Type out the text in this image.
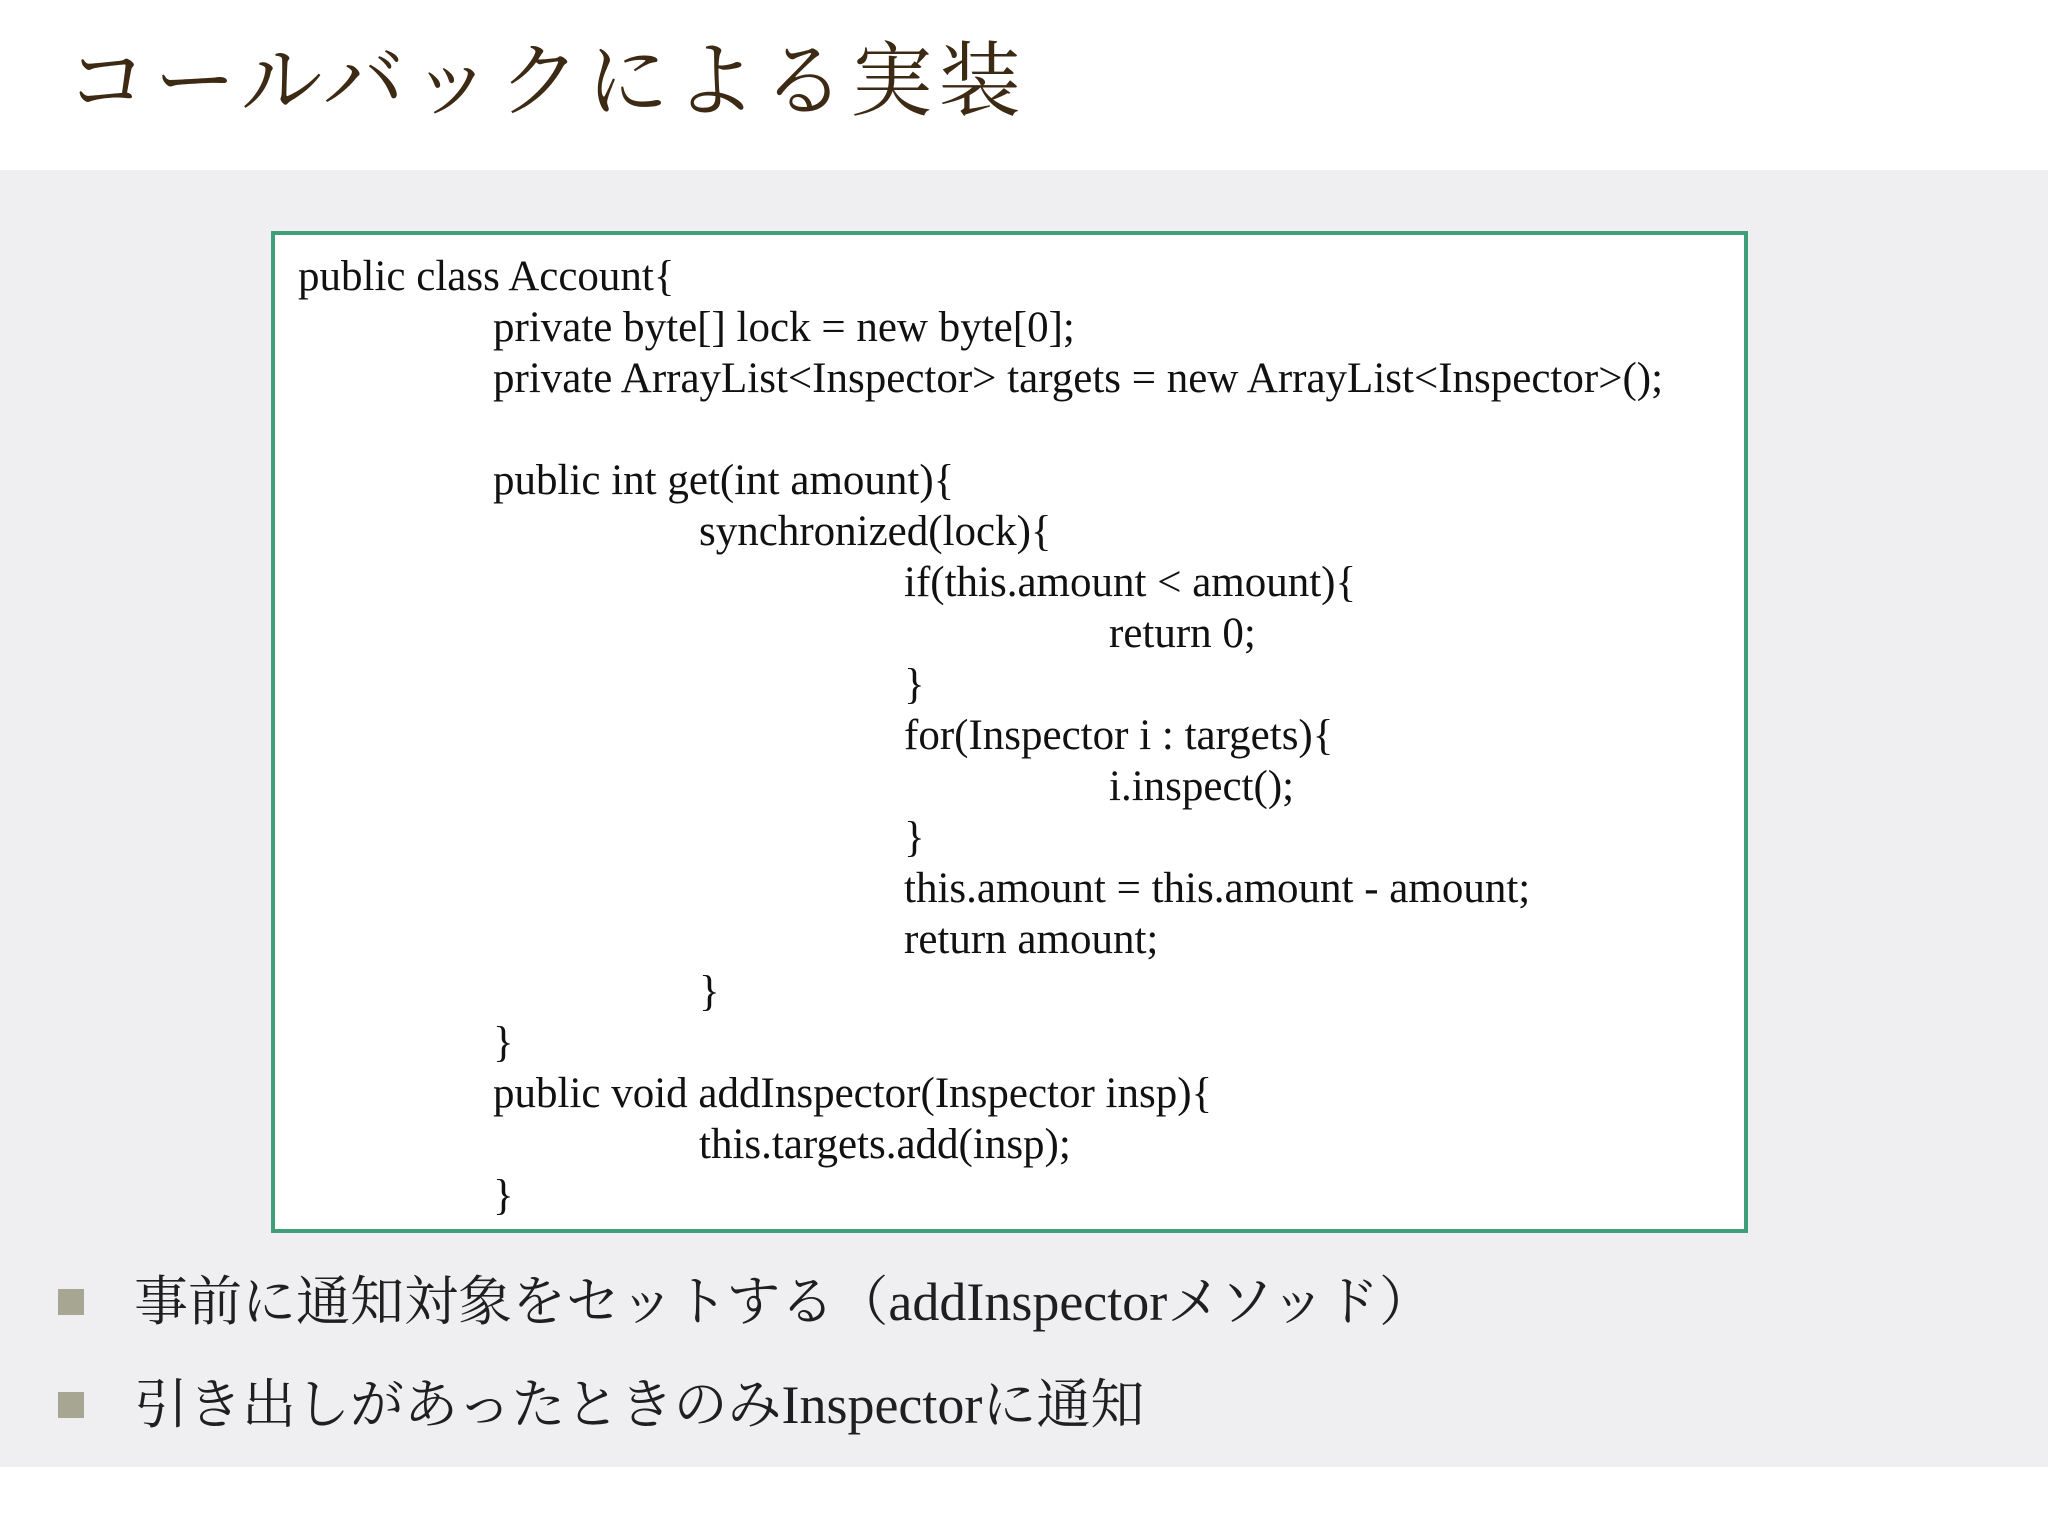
コールバックによる実装
public class Account{
private byte[] lock = new byte[0];
private ArrayList<Inspector> targets = new ArrayList<Inspector>();
public int get(int amount){
synchronized(lock){
if(this.amount < amount){
return 0;
}
for(Inspector i : targets){
i.inspect();
}
this.amount = this.amount - amount;
return amount;
}
}
public void addInspector(Inspector insp){
this.targets.add(insp);
}
事前に通知対象をセットする（addInspectorメソッド）
引き出しがあったときのみInspectorに通知
